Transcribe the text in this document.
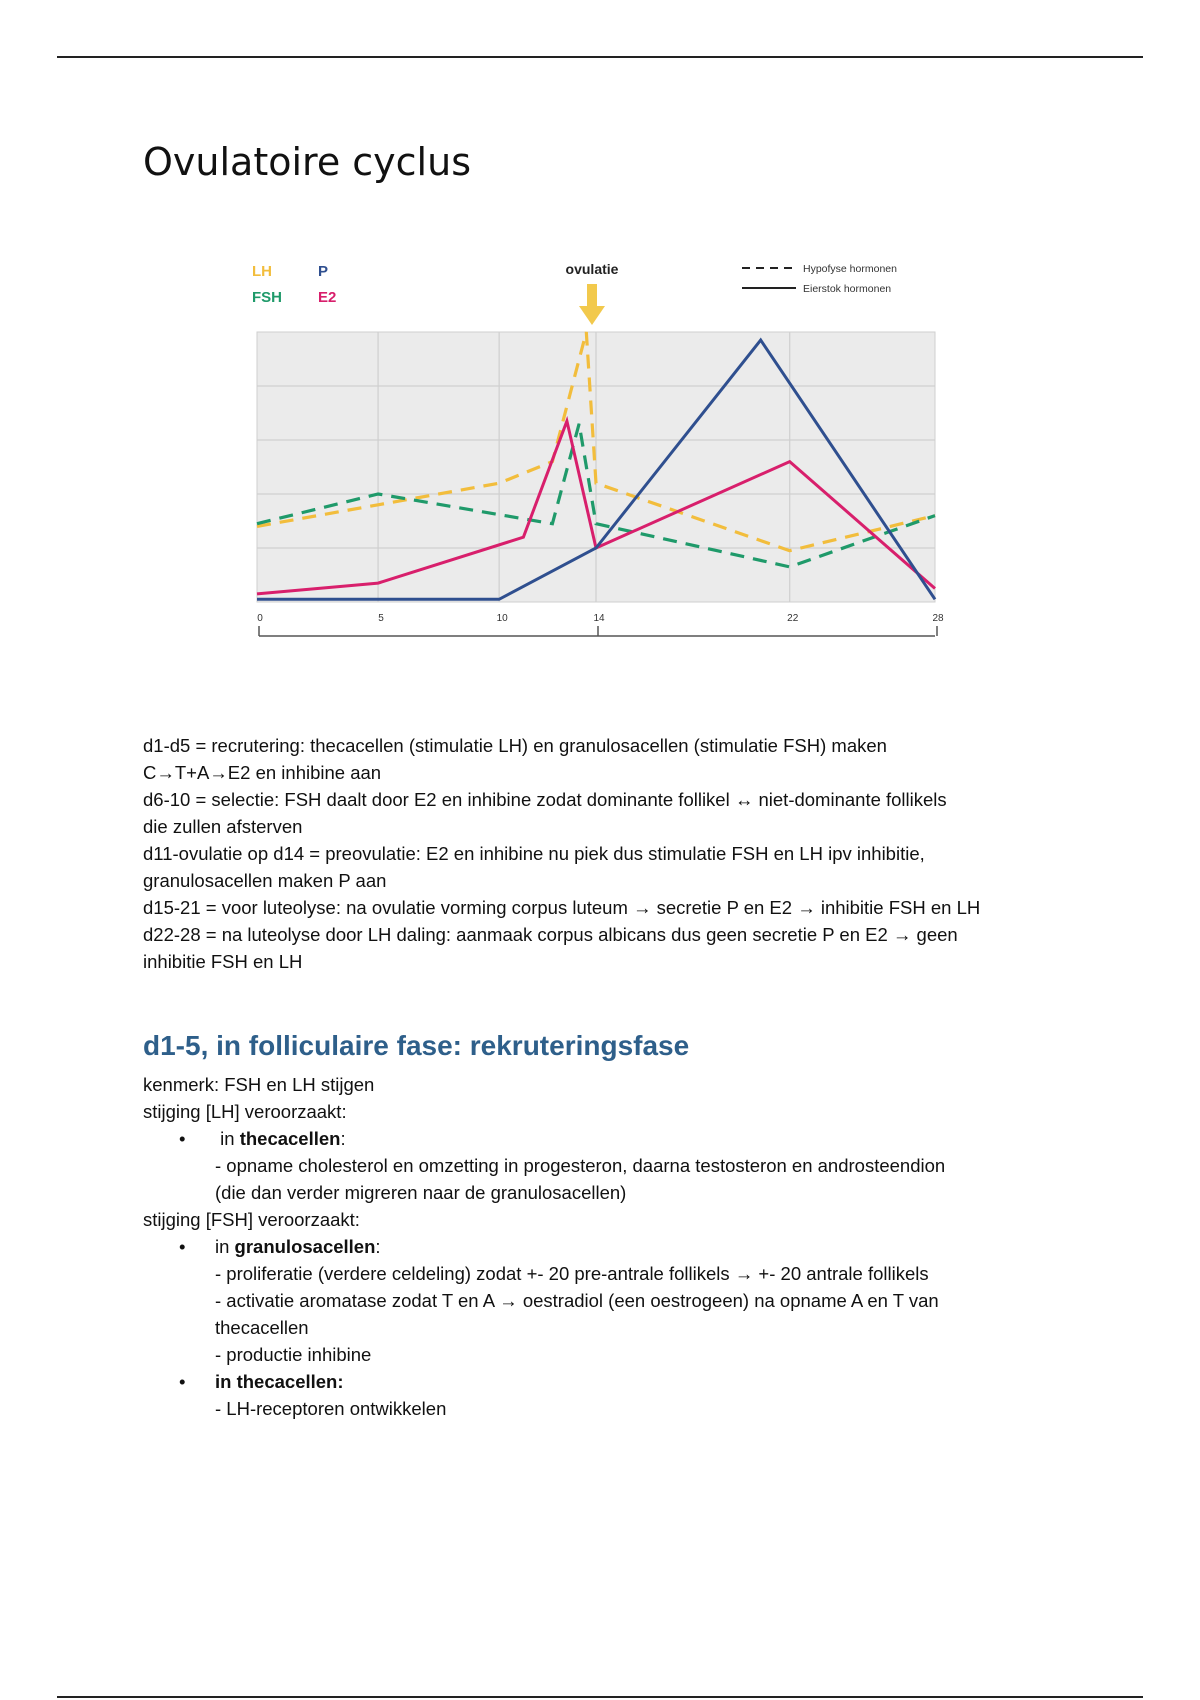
Ovulatoire cyclus
LH	P
FSH E2
Hypofyse hormonen
Eierstok hormonen
ovulatie
0	5	10	14	22	28

d1-d5 = recrutering: thecacellen (stimulatie LH) en granulosacellen (stimulatie FSH) maken

C→T+A→E2 en inhibine aan

d6-10 = selectie: FSH daalt door E2 en inhibine zodat dominante follikel ↔ niet-dominante follikels

die zullen afsterven

d11-ovulatie op d14 = preovulatie: E2 en inhibine nu piek dus stimulatie FSH en LH ipv inhibitie,

granulosacellen maken P aan

d15-21 = voor luteolyse: na ovulatie vorming corpus luteum → secretie P en E2 → inhibitie FSH en LH

d22-28 = na luteolyse door LH daling: aanmaak corpus albicans dus geen secretie P en E2 → geen

inhibitie FSH en LH

d1-5, in folliculaire fase: rekruteringsfase

kenmerk: FSH en LH stijgen

stijging [LH] veroorzaakt:

• in thecacellen:

- opname cholesterol en omzetting in progesteron, daarna testosteron en androsteendion

(die dan verder migreren naar de granulosacellen)

stijging [FSH] veroorzaakt:

• in granulosacellen:

- proliferatie (verdere celdeling) zodat +- 20 pre-antrale follikels → +- 20 antrale follikels

- activatie aromatase zodat T en A → oestradiol (een oestrogeen) na opname A en T van

thecacellen

- productie inhibine

• in thecacellen:

- LH-receptoren ontwikkelen
